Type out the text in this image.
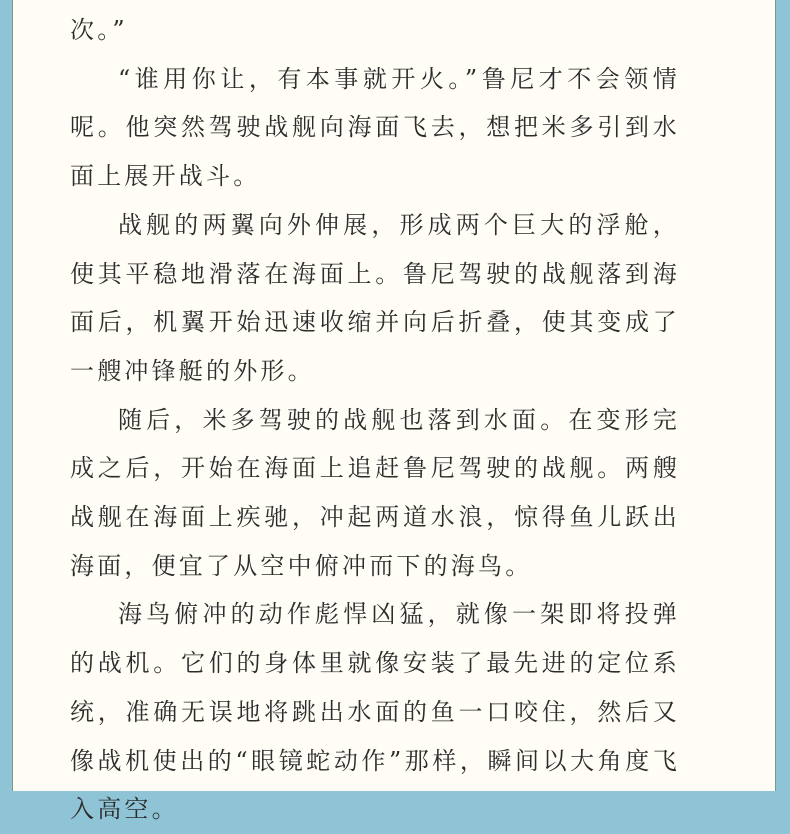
次。”

“谁用你让，有本事就开火。”鲁尼才不会领情呢。他突然驾驶战舰向海面飞去，想把米多引到水面上展开战斗。

战舰的两翼向外伸展，形成两个巨大的浮舱，使其平稳地滑落在海面上。鲁尼驾驶的战舰落到海面后，机翼开始迅速收缩并向后折叠，使其变成了一艘冲锋艇的外形。

随后，米多驾驶的战舰也落到水面。在变形完成之后，开始在海面上追赶鲁尼驾驶的战舰。两艘战舰在海面上疾驰，冲起两道水浪，惊得鱼儿跃出海面，便宜了从空中俯冲而下的海鸟。

海鸟俯冲的动作彪悍凶猛，就像一架即将投弹的战机。它们的身体里就像安装了最先进的定位系统，准确无误地将跳出水面的鱼一口咬住，然后又像战机使出的“眼镜蛇动作”那样，瞬间以大角度飞入高空。
